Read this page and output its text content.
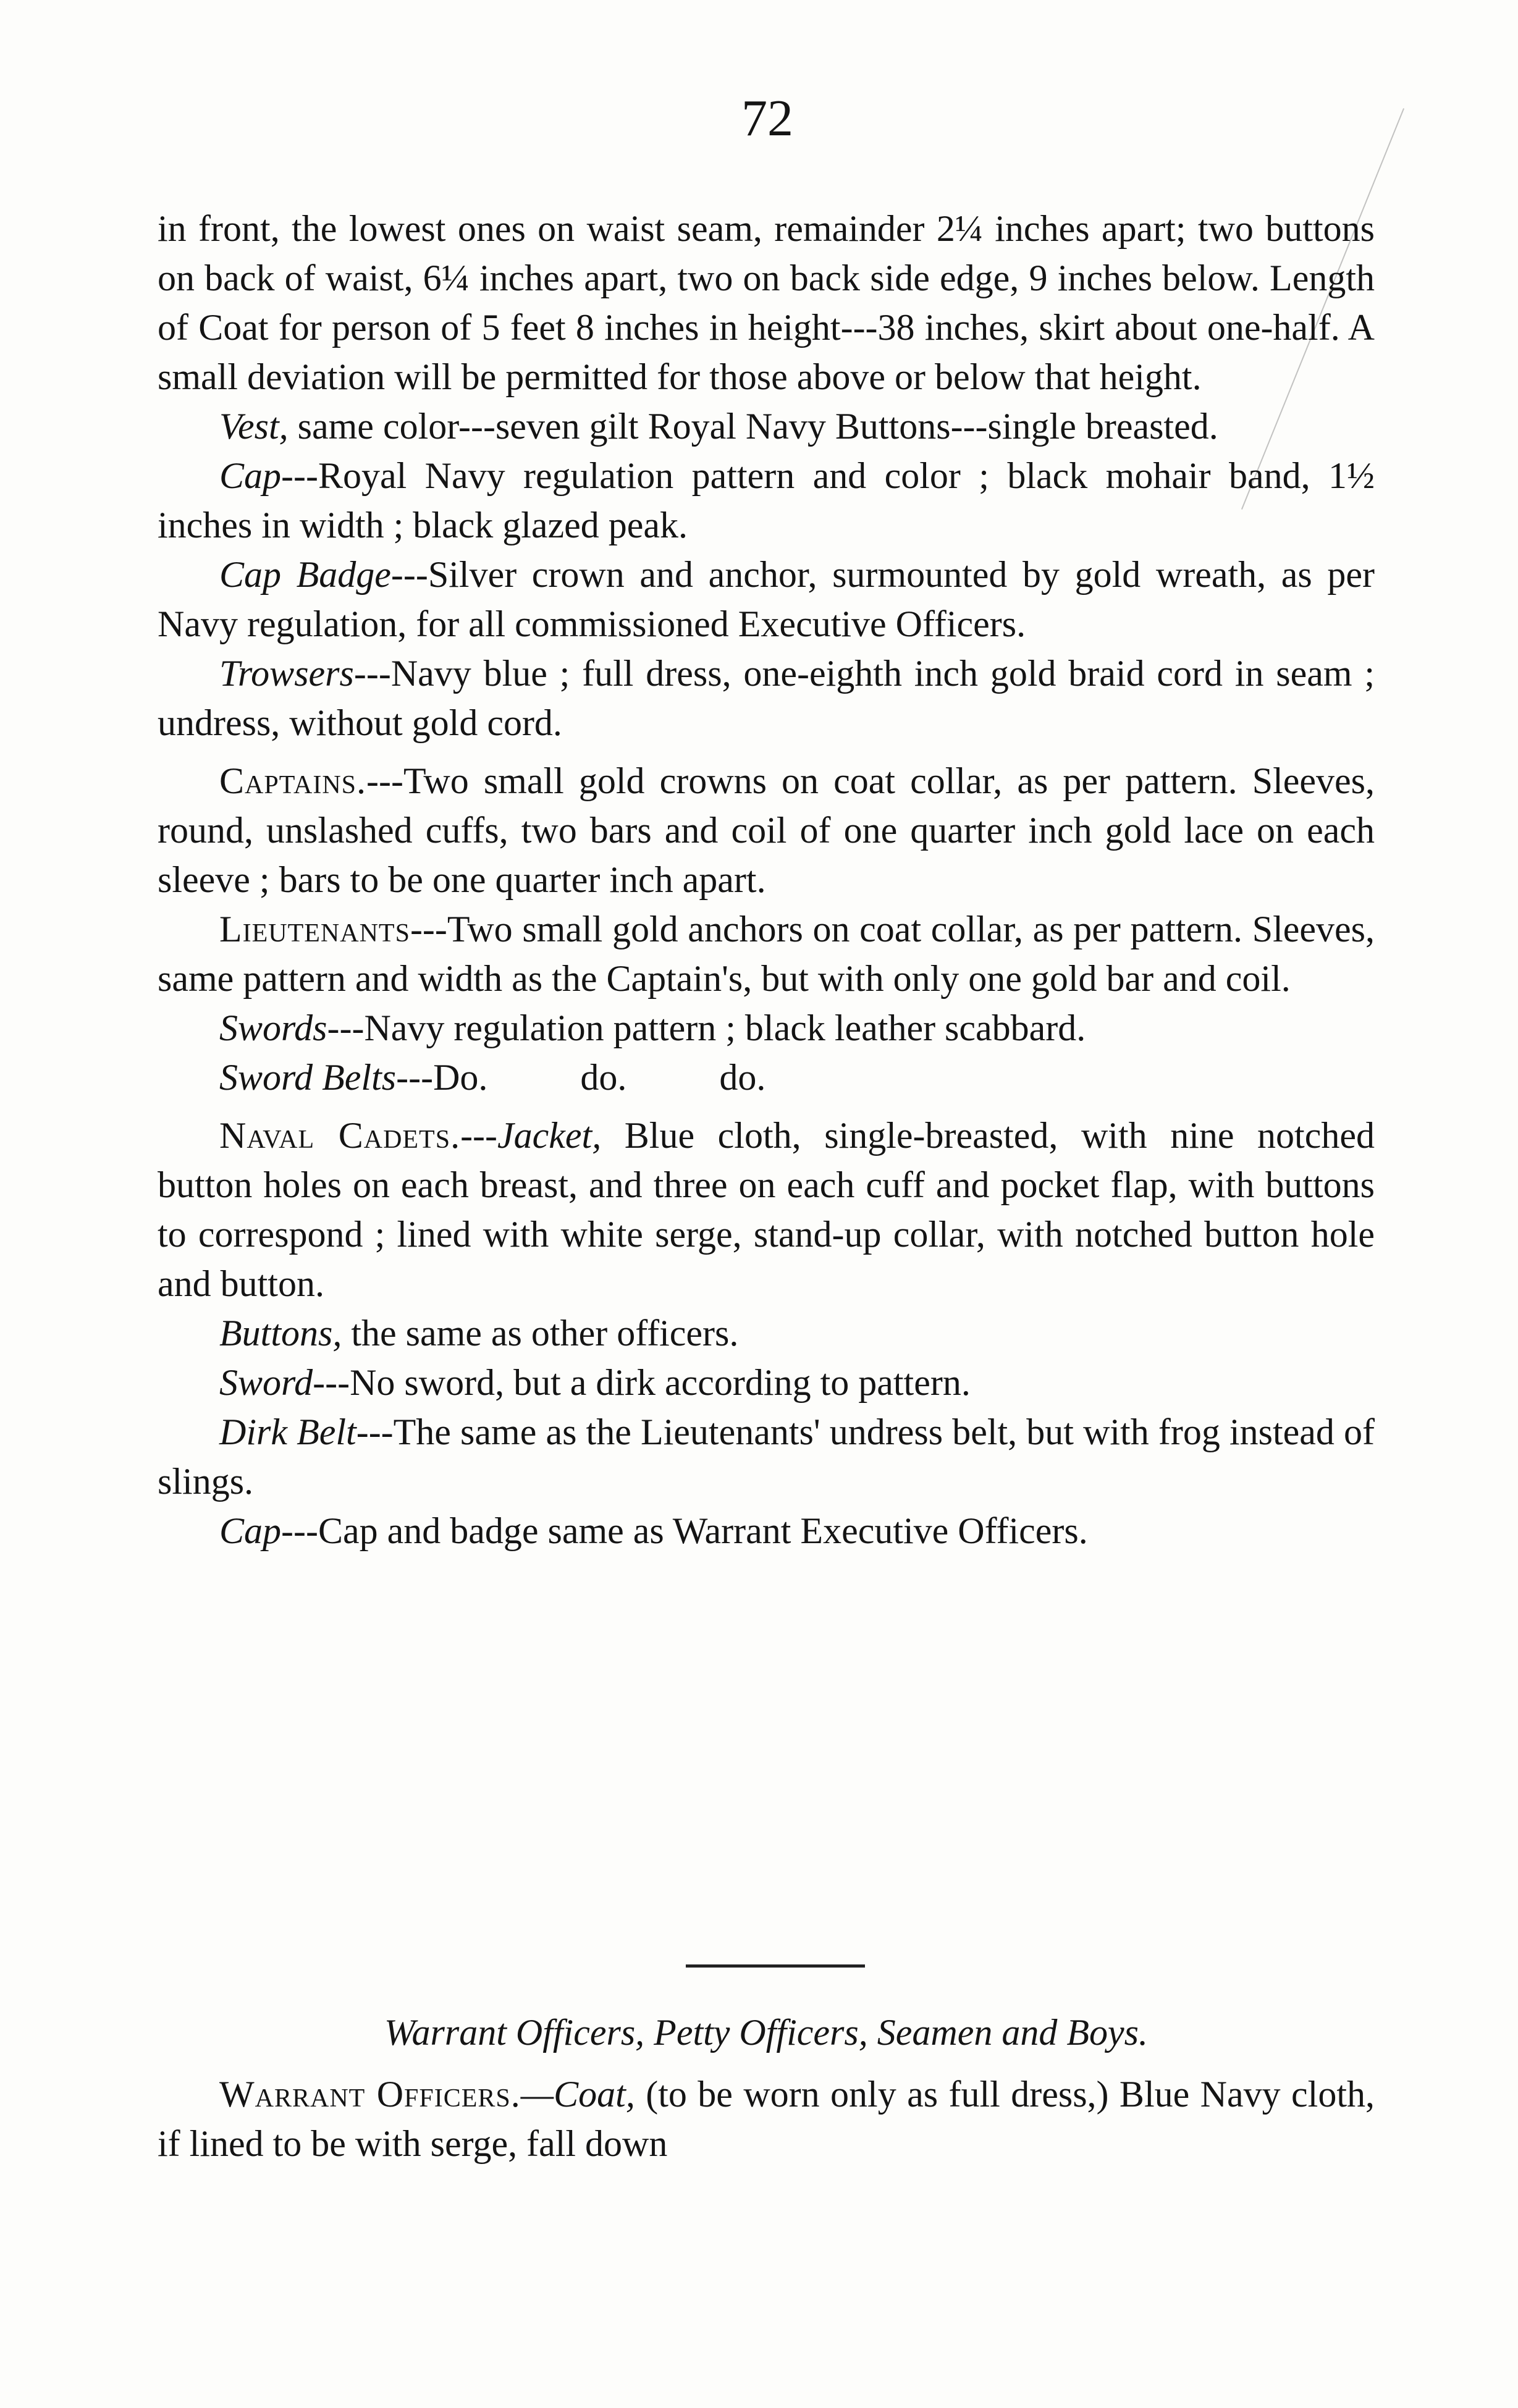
72

in front, the lowest ones on waist seam, remainder 2¼ inches apart; two buttons on back of waist, 6¼ inches apart, two on back side edge, 9 inches below. Length of Coat for person of 5 feet 8 inches in height---38 inches, skirt about one-half. A small deviation will be permitted for those above or below that height.

Vest, same color---seven gilt Royal Navy Buttons---single breasted.

Cap---Royal Navy regulation pattern and color ; black mohair band, 1½ inches in width ; black glazed peak.

Cap Badge---Silver crown and anchor, surmounted by gold wreath, as per Navy regulation, for all commissioned Executive Officers.

Trowsers---Navy blue ; full dress, one-eighth inch gold braid cord in seam ; undress, without gold cord.

Captains.---Two small gold crowns on coat collar, as per pattern. Sleeves, round, unslashed cuffs, two bars and coil of one quarter inch gold lace on each sleeve ; bars to be one quarter inch apart.

Lieutenants---Two small gold anchors on coat collar, as per pattern. Sleeves, same pattern and width as the Captain's, but with only one gold bar and coil.

Swords---Navy regulation pattern ; black leather scabbard.

Sword Belts---Do.          do.          do.

Naval Cadets.---Jacket, Blue cloth, single-breasted, with nine notched button holes on each breast, and three on each cuff and pocket flap, with buttons to correspond ; lined with white serge, stand-up collar, with notched button hole and button.

Buttons, the same as other officers.

Sword---No sword, but a dirk according to pattern.

Dirk Belt---The same as the Lieutenants' undress belt, but with frog instead of slings.

Cap---Cap and badge same as Warrant Executive Officers.

Warrant Officers, Petty Officers, Seamen and Boys.

Warrant Officers.—Coat, (to be worn only as full dress,) Blue Navy cloth, if lined to be with serge, fall down
